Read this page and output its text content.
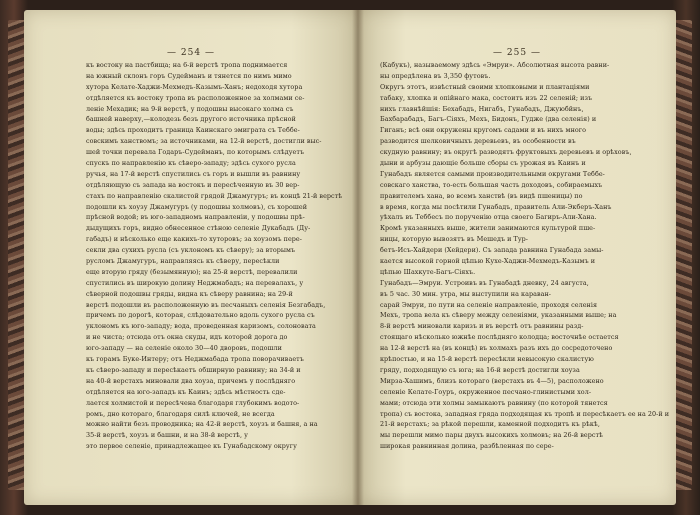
— 254 —
къ востоку на пастбища; на 6-й верстѣ тропа поднимается
на южный склонъ горъ Судейманъ и тянется по нимъ мимо
хутора Келате-Хаджи-Мехмедъ-Казымъ-Ханъ; недоходя хутора
отдѣляется къ востоку тропа въ расположенное за холмами се-
леніе Мехадик; на 9-й верстѣ, у подошвы высокаго холма съ
башней наверху,—колодезь безъ другого источника прѣсной
воды; здѣсь проходитъ граница Каинскаго эмиграта съ Теббе-
совскимъ ханствомъ; за источниками, на 12-й верстѣ, достигли выс-
шей точки перевала Годаръ-Судейманъ, по которымъ слѣдуетъ
спускъ по направленію къ сѣверо-западу; здѣсь сухого русла
ручья, на 17-й верстѣ спустились съ горъ и вышли въ равнину
отдѣляющую съ запада на востокъ и пересѣченную въ 30 вер-
стахъ по направленію скалистой грядой Джамугуръ; въ концѣ 21-й верстѣ
подошли къ хоузу Джамугуръ (у подошвы холмовъ), съ хорошей
прѣсной водой; въ юго-западномъ направленіи, у подошвы прѣ-
дыдущихъ горъ, видно обнесенное стѣною селеніе Дукабадъ (Ду-
габадъ) и нѣсколько еще какихъ-то хуторовъ; за хоузомъ пере-
секли два сухихъ русла (съ уклономъ къ сѣверу); за вторымъ
русломъ Джамугуръ, направляясь къ сѣверу, пересѣкли
еще вторую гряду (безымянную); на 25-й верстѣ, перевалили
спустились въ широкую долину Неджмабадъ; на перевалахъ, у
сѣверной подошвы гряды, видна къ сѣверу равнина; на 29-й
верстѣ подошли въ расположенную въ песчаныхъ селенія Безгабадъ,
причемъ по дорогѣ, которая, слѣдовательно вдоль сухого русла съ
уклономъ къ юго-западу; вода, проведенная каризомъ, солоновата
и не чиста; отсюда отъ окна скуды, идъ которой дорога до
юго-западу — на селеніе около 30—40 дворовъ, подошли
къ горамъ Буке-Интеру; отъ Неджмабада тропа поворачиваетъ
къ сѣверо-западу и пересѣкаетъ обширную равнину; на 34-й и
на 40-й верстахъ миновали два хоуза, причемъ у послѣдняго
отдѣляется на юго-западъ къ Каинъ; здѣсь мѣстность сде-
лается холмистой и пересѣчена благодаря глубокимъ водото-
ромъ, дно котораго, благодаря силѣ ключей, не всегда
можно найти безъ проводника; на 42-й верстѣ, хоузъ и башня, а на
35-й верстѣ, хоузъ и башни, и на 38-й верстѣ, у
это первое селеніе, принадлежащее къ Гунабадскому округу
— 255 —
(Кабукъ), называемому здѣсь «Эмруи». Абсолютная высота равни-
ны опредѣлена въ 3,350 футовъ.
Округъ этотъ, извѣстный своими хлопковыми и плантаціями
табаку, хлопка и опійнаго мака, состоитъ изъ 22 селеній; изъ
нихъ главнѣйшія: Бехабадъ, Нигабъ, Гунабадъ, Джуюбйнъ,
Бахбарабадъ, Багъ-Сіяхъ, Мехъ, Бидонъ, Гудже (два селенія) и
Гиганъ; всѣ они окружены кругомъ садами и въ нихъ много
разводится шелковичныхъ деревьевъ, въ особенности въ
скудную равнину; въ округѣ разводятъ фруктовыхъ деревьевъ и орѣховъ,
дыни и арбузы дающіе больше сборы съ урожая въ Каинъ и
Гунабадъ является самыми производительными округами Теббе-
совскаго ханства, то-есть большая часть доходовъ, собираемыхъ
правителемъ хана, во всемъ ханствѣ (въ видѣ пшеницы) по
в время, когда мы посѣтили Гунабадъ, правитель Али-Экберъ-Ханъ
уѣхалъ въ Теббесъ по порученію отца своего Багиръ-Али-Хана.
Кромѣ указанныхъ выше, жители занимаются культурой пше-
ницы, которую вывозятъ въ Мешедъ и Тур-
бетъ-Исъ-Хайдери (Хейдери). Съ запада равнина Гунабада замы-
кается высокой горной цѣпью Кухе-Хаджи-Мехмедъ-Казымъ и
цѣпью Шахкуте-Багъ-Сіяхъ.
Гунабадъ—Эмруи. Устроивъ въ Гунабадѣ дневку, 24 августа,
въ 5 час. 30 мин. утра, мы выступили на караван-
сарай Эмруи, по пути на селеніе направленіе, проходя селенія
Мехъ, тропа вела къ сѣверу между селеніями, указанными выше; на
8-й верстѣ миновали каризъ и въ верстѣ отъ равнины разд-
стоящаго нѣсколько южнѣе послѣдняго колодца; восточнѣе остается
на 12-й верстѣ на (въ концѣ) въ холмахъ разъ ихъ до сосредоточено
крѣпостью, и на 15-й верстѣ пересѣкли невысокую скалистую
гряду, подходящую съ юга; на 16-й верстѣ достигли хоуза
Мирза-Хашимъ, близъ котораго (верстахъ въ 4—5), расположено
селеніе Келате-Гоуръ, окруженное песчано-глинистыми хол-
мами; отсюда эти холмы замыкаютъ равнину (по которой тянется
тропа) съ востока, западная гряда подходящая къ тропѣ и пересѣкаетъ ее на 20-й и
21-й верстахъ; за рѣкой перешли, каменной подходитъ къ рѣкѣ,
мы перешли мимо пары двухъ высокихъ холмовъ; на 26-й верстѣ
широкая равнинная долина, разбѣленная по сере-
